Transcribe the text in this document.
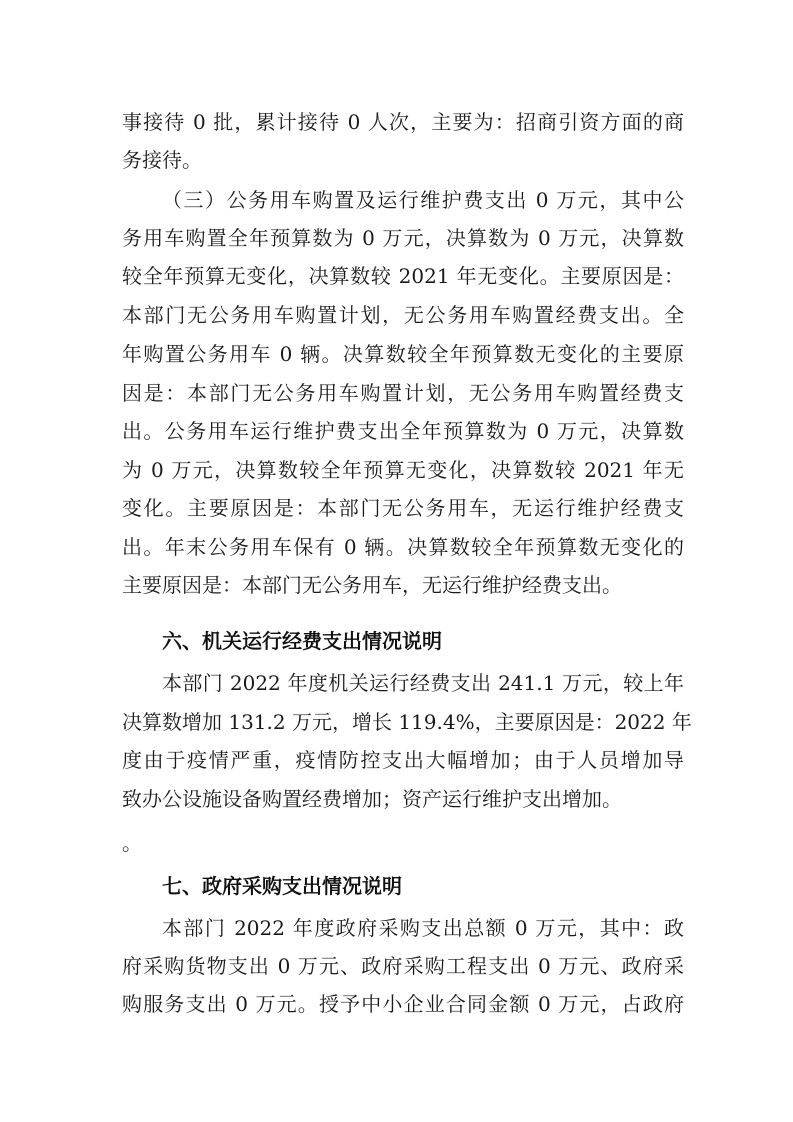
事接待 0 批，累计接待 0 人次，主要为：招商引资方面的商

务接待。

（三）公务用车购置及运行维护费支出 0 万元，其中公

务用车购置全年预算数为 0 万元，决算数为 0 万元，决算数

较全年预算无变化，决算数较 2021 年无变化。主要原因是：

本部门无公务用车购置计划，无公务用车购置经费支出。全

年购置公务用车 0 辆。决算数较全年预算数无变化的主要原

因是：本部门无公务用车购置计划，无公务用车购置经费支

出。公务用车运行维护费支出全年预算数为 0 万元，决算数

为 0 万元，决算数较全年预算无变化，决算数较 2021 年无

变化。主要原因是：本部门无公务用车，无运行维护经费支

出。年末公务用车保有 0 辆。决算数较全年预算数无变化的

主要原因是：本部门无公务用车，无运行维护经费支出。

六、机关运行经费支出情况说明

本部门 2022 年度机关运行经费支出 241.1 万元，较上年

决算数增加 131.2 万元，增长 119.4%，主要原因是：2022 年

度由于疫情严重，疫情防控支出大幅增加；由于人员增加导

致办公设施设备购置经费增加；资产运行维护支出增加。

。

七、政府采购支出情况说明

本部门 2022 年度政府采购支出总额 0 万元，其中：政

府采购货物支出 0 万元、政府采购工程支出 0 万元、政府采

购服务支出 0 万元。授予中小企业合同金额 0 万元，占政府
